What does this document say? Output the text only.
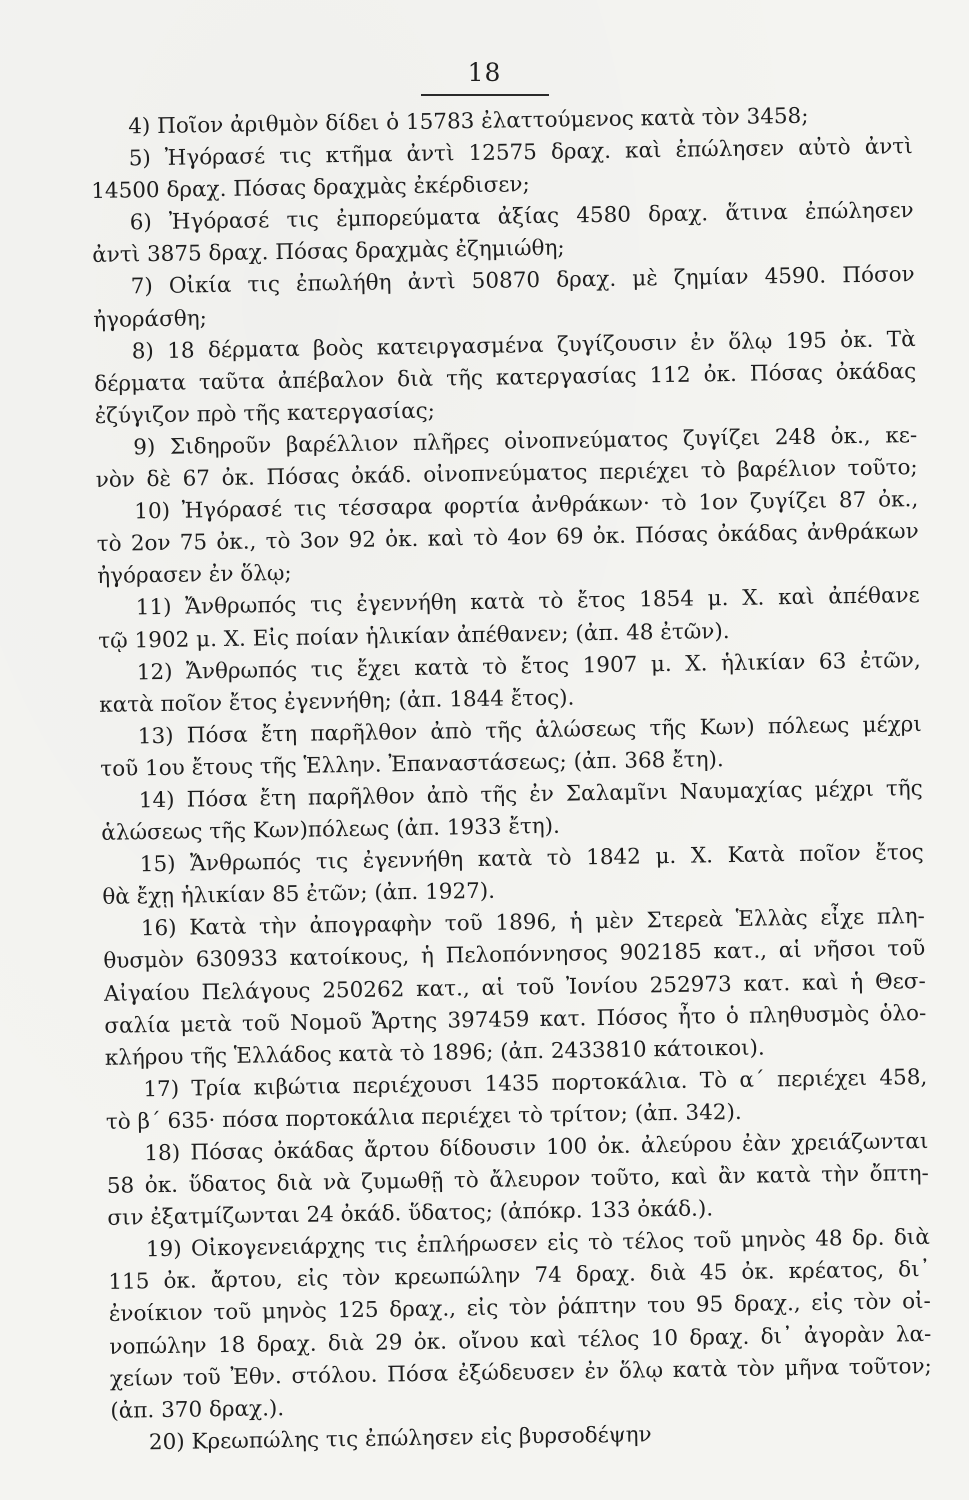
18
4) Ποῖον ἀριθμὸν δίδει ὁ 15783 ἐλαττούμενος κατὰ τὸν 3458;
5) Ἠγόρασέ τις κτῆμα ἀντὶ 12575 δραχ. καὶ ἐπώλησεν αὐτὸ ἀντὶ
14500 δραχ. Πόσας δραχμὰς ἐκέρδισεν;
6) Ἠγόρασέ τις ἐμπορεύματα ἀξίας 4580 δραχ. ἅτινα ἐπώλησεν
ἀντὶ 3875 δραχ. Πόσας δραχμὰς ἐζημιώθη;
7) Οἰκία τις ἐπωλήθη ἀντὶ 50870 δραχ. μὲ ζημίαν 4590. Πόσον
ἠγοράσθη;
8) 18 δέρματα βοὸς κατειργασμένα ζυγίζουσιν ἐν ὅλῳ 195 ὀκ. Τὰ
δέρματα ταῦτα ἀπέβαλον διὰ τῆς κατεργασίας 112 ὀκ. Πόσας ὀκάδας
ἐζύγιζον πρὸ τῆς κατεργασίας;
9) Σιδηροῦν βαρέλλιον πλῆρες οἰνοπνεύματος ζυγίζει 248 ὀκ., κε-
νὸν δὲ 67 ὀκ. Πόσας ὀκάδ. οἰνοπνεύματος περιέχει τὸ βαρέλιον τοῦτο;
10) Ἠγόρασέ τις τέσσαρα φορτία ἀνθράκων· τὸ 1ον ζυγίζει 87 ὀκ.,
τὸ 2ον 75 ὀκ., τὸ 3ον 92 ὀκ. καὶ τὸ 4ον 69 ὀκ. Πόσας ὀκάδας ἀνθράκων
ἠγόρασεν ἐν ὅλῳ;
11) Ἄνθρωπός τις ἐγεννήθη κατὰ τὸ ἔτος 1854 μ. Χ. καὶ ἀπέθανε
τῷ 1902 μ. Χ. Εἰς ποίαν ἡλικίαν ἀπέθανεν; (ἀπ. 48 ἐτῶν).
12) Ἄνθρωπός τις ἔχει κατὰ τὸ ἔτος 1907 μ. Χ. ἡλικίαν 63 ἐτῶν,
κατὰ ποῖον ἔτος ἐγεννήθη; (ἀπ. 1844 ἔτος).
13) Πόσα ἔτη παρῆλθον ἀπὸ τῆς ἁλώσεως τῆς Κων) πόλεως μέχρι
τοῦ 1ου ἔτους τῆς Ἑλλην. Ἐπαναστάσεως; (ἀπ. 368 ἔτη).
14) Πόσα ἔτη παρῆλθον ἀπὸ τῆς ἐν Σαλαμῖνι Ναυμαχίας μέχρι τῆς
ἁλώσεως τῆς Κων)πόλεως (ἀπ. 1933 ἔτη).
15) Ἄνθρωπός τις ἐγεννήθη κατὰ τὸ 1842 μ. Χ. Κατὰ ποῖον ἔτος
θὰ ἔχῃ ἡλικίαν 85 ἐτῶν; (ἀπ. 1927).
16) Κατὰ τὴν ἀπογραφὴν τοῦ 1896, ἡ μὲν Στερεὰ Ἑλλὰς εἶχε πλη-
θυσμὸν 630933 κατοίκους, ἡ Πελοπόννησος 902185 κατ., αἱ νῆσοι τοῦ
Αἰγαίου Πελάγους 250262 κατ., αἱ τοῦ Ἰονίου 252973 κατ. καὶ ἡ Θεσ-
σαλία μετὰ τοῦ Νομοῦ Ἄρτης 397459 κατ. Πόσος ἦτο ὁ πληθυσμὸς ὁλο-
κλήρου τῆς Ἑλλάδος κατὰ τὸ 1896; (ἀπ. 2433810 κάτοικοι).
17) Τρία κιβώτια περιέχουσι 1435 πορτοκάλια. Τὸ α΄ περιέχει 458,
τὸ β΄ 635· πόσα πορτοκάλια περιέχει τὸ τρίτον; (ἀπ. 342).
18) Πόσας ὀκάδας ἄρτου δίδουσιν 100 ὀκ. ἀλεύρου ἐὰν χρειάζωνται
58 ὀκ. ὕδατος διὰ νὰ ζυμωθῇ τὸ ἄλευρον τοῦτο, καὶ ἂν κατὰ τὴν ὄπτη-
σιν ἐξατμίζωνται 24 ὀκάδ. ὕδατος; (ἀπόκρ. 133 ὀκάδ.).
19) Οἰκογενειάρχης τις ἐπλήρωσεν εἰς τὸ τέλος τοῦ μηνὸς 48 δρ. διὰ
115 ὀκ. ἄρτου, εἰς τὸν κρεωπώλην 74 δραχ. διὰ 45 ὀκ. κρέατος, δι᾽
ἐνοίκιον τοῦ μηνὸς 125 δραχ., εἰς τὸν ῥάπτην του 95 δραχ., εἰς τὸν οἰ-
νοπώλην 18 δραχ. διὰ 29 ὀκ. οἴνου καὶ τέλος 10 δραχ. δι᾽ ἀγορὰν λα-
χείων τοῦ Ἐθν. στόλου. Πόσα ἐξώδευσεν ἐν ὅλῳ κατὰ τὸν μῆνα τοῦτον;
(ἀπ. 370 δραχ.).
20) Κρεωπώλης τις ἐπώλησεν εἰς βυρσοδέψην
